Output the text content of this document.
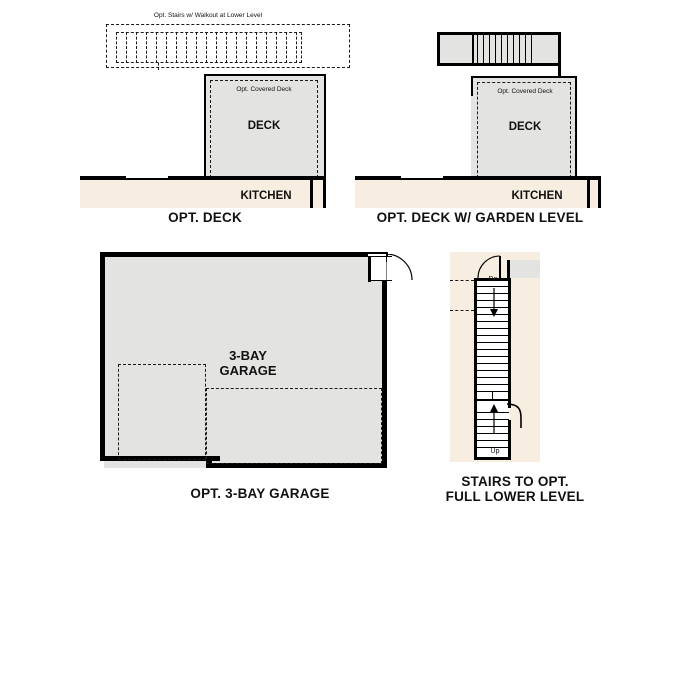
Opt. Stairs w/ Walkout at Lower Level
Opt. Covered Deck
DECK
KITCHEN
OPT. DECK
Opt. Covered Deck
DECK
KITCHEN
OPT. DECK W/ GARDEN LEVEL
3-BAY
GARAGE
OPT. 3-BAY GARAGE
Dn
Up
STAIRS TO OPT.
FULL LOWER LEVEL
